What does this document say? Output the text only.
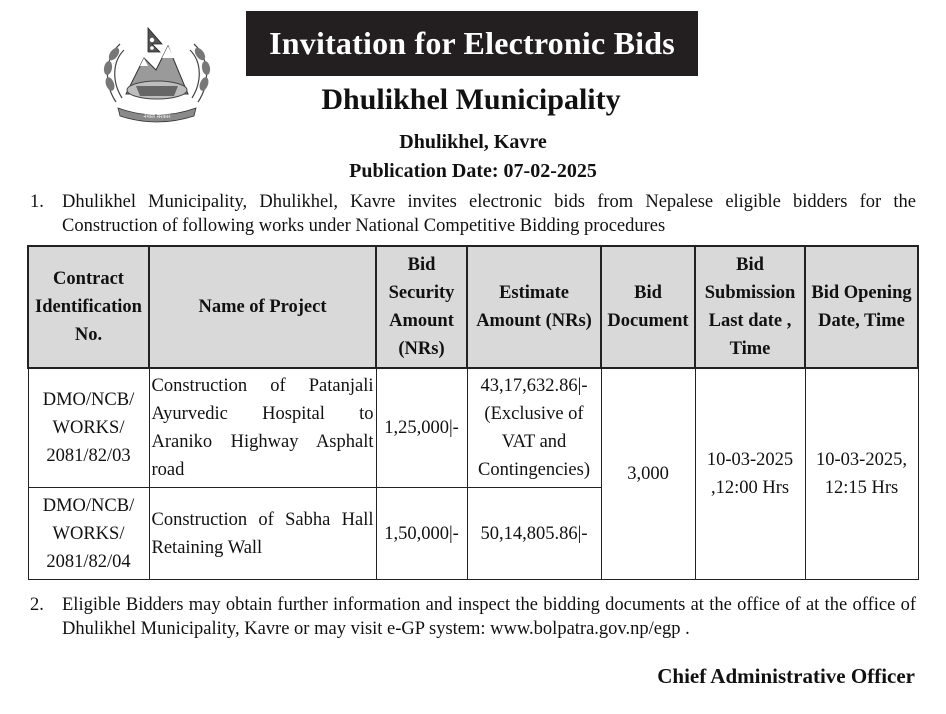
नेपाल सरकार
Invitation for Electronic Bids
Dhulikhel Municipality
Dhulikhel, Kavre
Publication Date: 07-02-2025
1. Dhulikhel Municipality, Dhulikhel, Kavre invites electronic bids from Nepalese eligible bidders for the Construction of following works under National Competitive Bidding procedures
Contract Identification No.	Name of Project	Bid Security Amount (NRs)	Estimate Amount (NRs)	Bid Document	Bid Submission Last date , Time	Bid Opening Date, Time
DMO/NCB/ WORKS/ 2081/82/03	Construction of Patanjali Ayurvedic Hospital to Araniko Highway Asphalt road	1,25,000|-	43,17,632.86|- (Exclusive of VAT and Contingencies)	3,000	10-03-2025 ,12:00 Hrs	10-03-2025, 12:15 Hrs
DMO/NCB/ WORKS/ 2081/82/04	Construction of Sabha Hall Retaining Wall	1,50,000|-	50,14,805.86|-			
2. Eligible Bidders may obtain further information and inspect the bidding documents at the office of at the office of Dhulikhel Municipality, Kavre or may visit e-GP system: www.bolpatra.gov.np/egp .
Chief Administrative Officer
